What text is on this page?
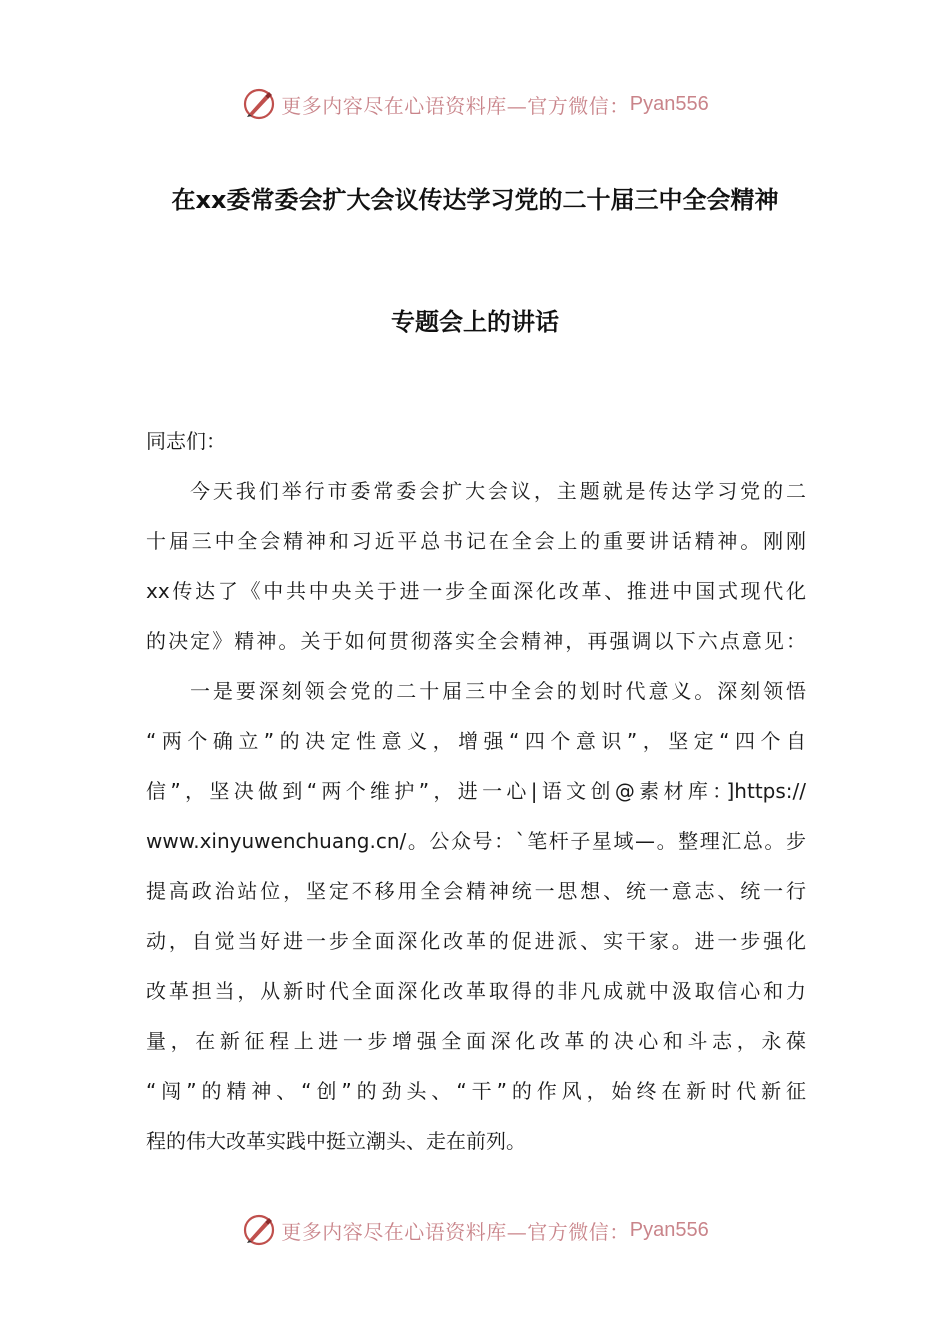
更多内容尽在心语资料库—官方微信： Pyan556
在xx委常委会扩大会议传达学习党的二十届三中全会精神
专题会上的讲话
同志们：
今天我们举行市委常委会扩大会议，主题就是传达学习党的二
十届三中全会精神和习近平总书记在全会上的重要讲话精神。刚刚
xx传达了《中共中央关于进一步全面深化改革、推进中国式现代化
的决定》精神。关于如何贯彻落实全会精神，再强调以下六点意见：
一是要深刻领会党的二十届三中全会的划时代意义。深刻领悟
“两个确立”的决定性意义，增强“四个意识”，坚定“四个自
信”，坚决做到“两个维护”，进一心|语文创@素材库：]https://
www.xinyuwenchuang.cn/。公众号：`笔杆子星域—。整理汇总。步
提高政治站位，坚定不移用全会精神统一思想、统一意志、统一行
动，自觉当好进一步全面深化改革的促进派、实干家。进一步强化
改革担当，从新时代全面深化改革取得的非凡成就中汲取信心和力
量，在新征程上进一步增强全面深化改革的决心和斗志，永葆
“闯”的精神、“创”的劲头、“干”的作风，始终在新时代新征
程的伟大改革实践中挺立潮头、走在前列。
更多内容尽在心语资料库—官方微信： Pyan556
